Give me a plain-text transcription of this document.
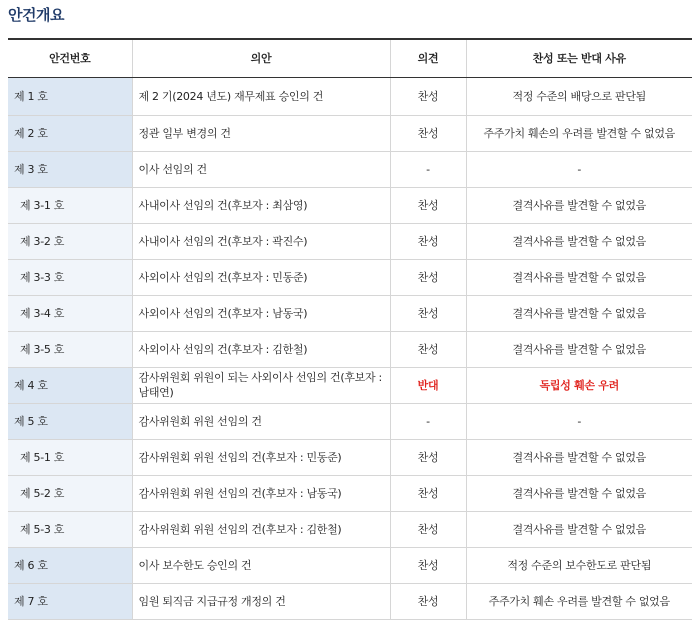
안건개요
안건번호	의안	의견	찬성 또는 반대 사유
제 1 호	제 2 기(2024 년도) 재무제표 승인의 건	찬성	적정 수준의 배당으로 판단됨
제 2 호	정관 일부 변경의 건	찬성	주주가치 훼손의 우려를 발견할 수 없었음
제 3 호	이사 선임의 건	-	-
제 3-1 호	사내이사 선임의 건(후보자 : 최삼영)	찬성	결격사유를 발견할 수 없었음
제 3-2 호	사내이사 선임의 건(후보자 : 곽진수)	찬성	결격사유를 발견할 수 없었음
제 3-3 호	사외이사 선임의 건(후보자 : 민동준)	찬성	결격사유를 발견할 수 없었음
제 3-4 호	사외이사 선임의 건(후보자 : 남동국)	찬성	결격사유를 발견할 수 없었음
제 3-5 호	사외이사 선임의 건(후보자 : 김한철)	찬성	결격사유를 발견할 수 없었음
제 4 호	감사위원회 위원이 되는 사외이사 선임의 건(후보자 : 남태연)	반대	독립성 훼손 우려
제 5 호	감사위원회 위원 선임의 건	-	-
제 5-1 호	감사위원회 위원 선임의 건(후보자 : 민동준)	찬성	결격사유를 발견할 수 없었음
제 5-2 호	감사위원회 위원 선임의 건(후보자 : 남동국)	찬성	결격사유를 발견할 수 없었음
제 5-3 호	감사위원회 위원 선임의 건(후보자 : 김한철)	찬성	결격사유를 발견할 수 없었음
제 6 호	이사 보수한도 승인의 건	찬성	적정 수준의 보수한도로 판단됨
제 7 호	임원 퇴직금 지급규정 개정의 건	찬성	주주가치 훼손 우려를 발견할 수 없었음
